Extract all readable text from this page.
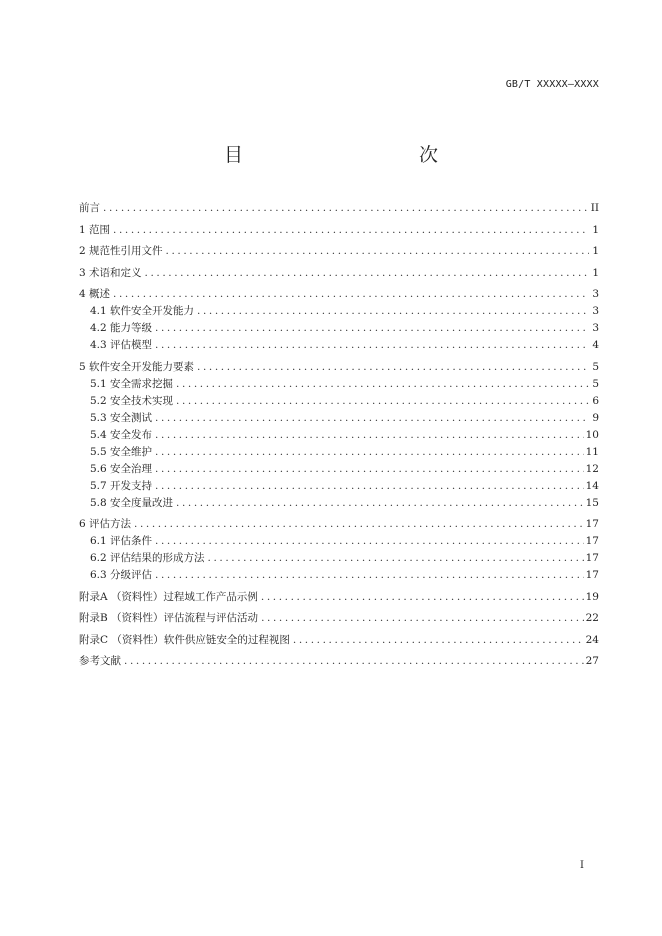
GB/T XXXXX—XXXX
目　　次
前言 .....	II
1 范围 .....	1
2 规范性引用文件 .....	1
3 术语和定义 .....	1
4 概述 .....	3
4.1 软件安全开发能力 .....	3
4.2 能力等级 .....	3
4.3 评估模型 .....	4
5 软件安全开发能力要素 .....	5
5.1 安全需求挖掘 .....	5
5.2 安全技术实现 .....	6
5.3 安全测试 .....	9
5.4 安全发布 .....	10
5.5 安全维护 .....	11
5.6 安全治理 .....	12
5.7 开发支持 .....	14
5.8 安全度量改进 .....	15
6 评估方法 .....	17
6.1 评估条件 .....	17
6.2 评估结果的形成方法 .....	17
6.3 分级评估 .....	17
附录A （资料性）过程域工作产品示例 .....	19
附录B （资料性）评估流程与评估活动 .....	22
附录C （资料性）软件供应链安全的过程视图 .....	24
参考文献 .....	27
I
